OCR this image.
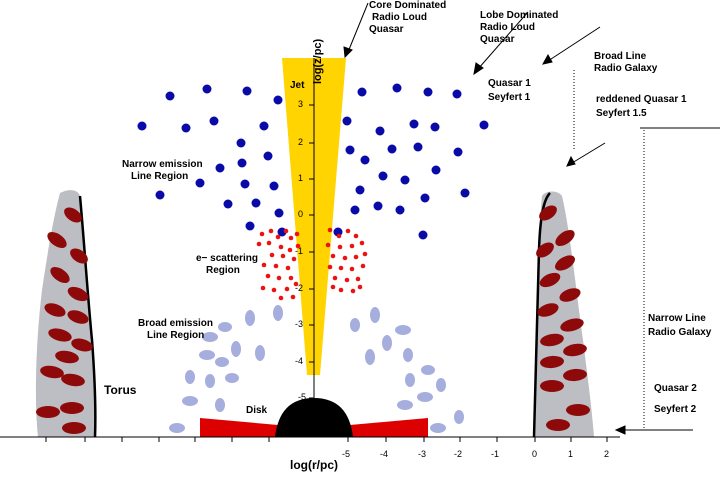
Core Dominated
Radio Loud
Quasar
Lobe Dominated
Radio Loud
Quasar
Broad Line
Radio Galaxy
Quasar 1
Seyfert 1	reddened Quasar 1
Seyfert 1.5
Narrow emission
Line Region
e− scattering
Region
Broad emission
Line Region
Torus
Disk
Jet
Narrow Line
Radio Galaxy
Quasar 2
Seyfert 2
log(z/pc)
log(r/pc)
3
2
1
0
-1
-2
-3
-4
-5
-5	-4	-3	-2	-1	0	1	2
